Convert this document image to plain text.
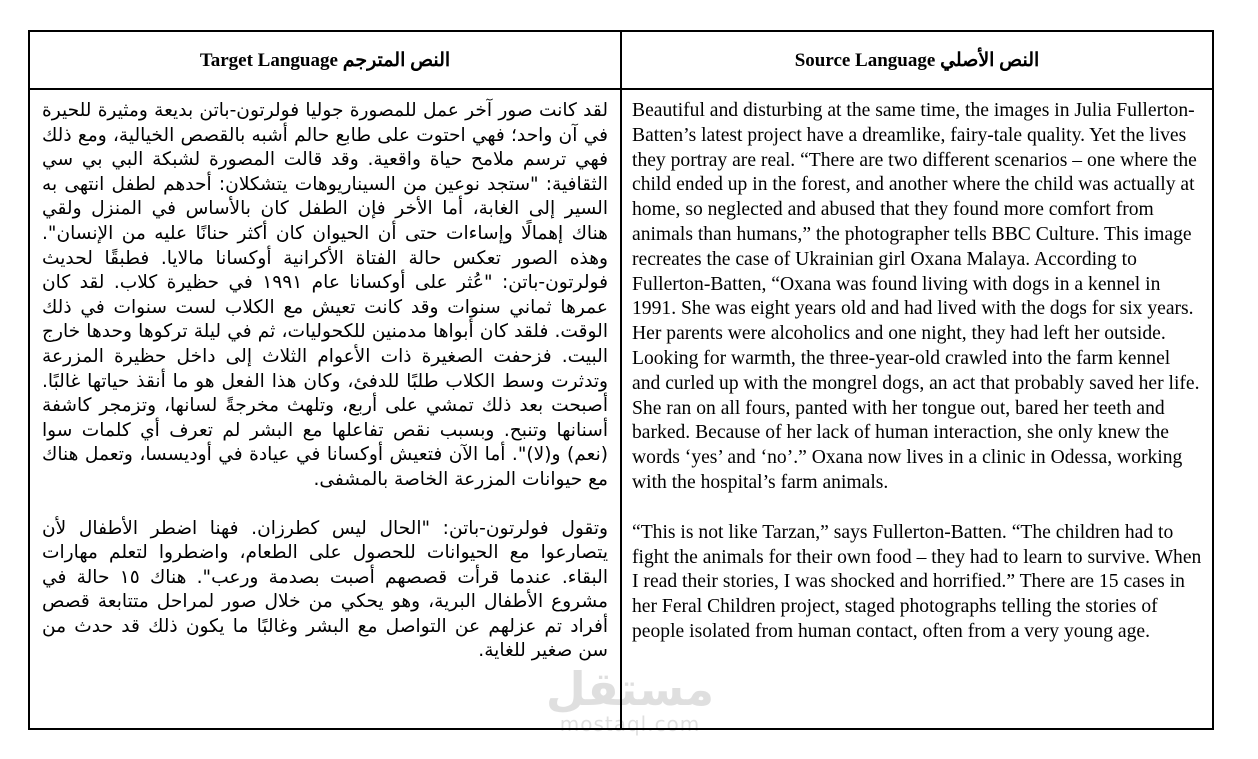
Target Language النص المترجم	Source Language النص الأصلي

لقد كانت صور آخر عمل للمصورة جوليا فولرتون-باتن بديعة ومثيرة للحيرة في آن واحد؛ فهي احتوت على طابع حالم أشبه بالقصص الخيالية، ومع ذلك فهي ترسم ملامح حياة واقعية. وقد قالت المصورة لشبكة البي بي سي الثقافية: "ستجد نوعين من السيناريوهات يتشكلان: أحدهم لطفل انتهى به السير إلى الغابة، أما الأخر فإن الطفل كان بالأساس في المنزل ولقي هناك إهمالًا وإساءات حتى أن الحيوان كان أكثر حنانًا عليه من الإنسان". وهذه الصور تعكس حالة الفتاة الأكرانية أوكسانا مالايا. فطبقًا لحديث فولرتون-باتن: "عُثر على أوكسانا عام ١٩٩١ في حظيرة كلاب. لقد كان عمرها ثماني سنوات وقد كانت تعيش مع الكلاب لست سنوات في ذلك الوقت. فلقد كان أبواها مدمنين للكحوليات، ثم في ليلة تركوها وحدها خارج البيت. فزحفت الصغيرة ذات الأعوام الثلاث إلى داخل حظيرة المزرعة وتدثرت وسط الكلاب طلبًا للدفئ، وكان هذا الفعل هو ما أنقذ حياتها غالبًا. أصبحت بعد ذلك تمشي على أربع، وتلهث مخرجةً لسانها، وتزمجر كاشفة أسنانها وتنبح. وبسبب نقص تفاعلها مع البشر لم تعرف أي كلمات سوا (نعم) و(لا)". أما الآن فتعيش أوكسانا في عيادة في أوديسسا، وتعمل هناك مع حيوانات المزرعة الخاصة بالمشفى.

وتقول فولرتون-باتن: "الحال ليس كطرزان. فهنا اضطر الأطفال لأن يتصارعوا مع الحيوانات للحصول على الطعام، واضطروا لتعلم مهارات البقاء. عندما قرأت قصصهم أصبت بصدمة ورعب". هناك ١٥ حالة في مشروع الأطفال البرية، وهو يحكي من خلال صور لمراحل متتابعة قصص أفراد تم عزلهم عن التواصل مع البشر وغالبًا ما يكون ذلك قد حدث من سن صغير للغاية.

Beautiful and disturbing at the same time, the images in Julia Fullerton-Batten’s latest project have a dreamlike, fairy-tale quality. Yet the lives they portray are real. “There are two different scenarios – one where the child ended up in the forest, and another where the child was actually at home, so neglected and abused that they found more comfort from animals than humans,” the photographer tells BBC Culture. This image recreates the case of Ukrainian girl Oxana Malaya. According to Fullerton-Batten, “Oxana was found living with dogs in a kennel in 1991. She was eight years old and had lived with the dogs for six years. Her parents were alcoholics and one night, they had left her outside. Looking for warmth, the three-year-old crawled into the farm kennel and curled up with the mongrel dogs, an act that probably saved her life. She ran on all fours, panted with her tongue out, bared her teeth and barked. Because of her lack of human interaction, she only knew the words ‘yes’ and ‘no’.” Oxana now lives in a clinic in Odessa, working with the hospital’s farm animals.

“This is not like Tarzan,” says Fullerton-Batten. “The children had to fight the animals for their own food – they had to learn to survive. When I read their stories, I was shocked and horrified.” There are 15 cases in her Feral Children project, staged photographs telling the stories of people isolated from human contact, often from a very young age.

مستقل
mostaql.com
